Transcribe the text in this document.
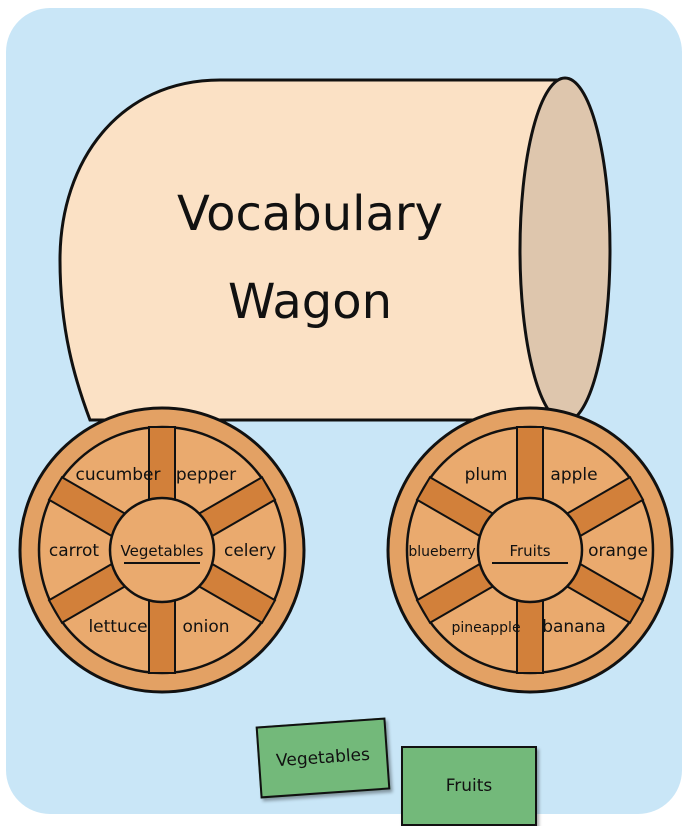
Vocabulary
Wagon
Vegetables
pepper
celery
onion
lettuce
carrot
cucumber
Fruits
apple
orange
banana
pineapple
blueberry
plum
Vegetables
Fruits
